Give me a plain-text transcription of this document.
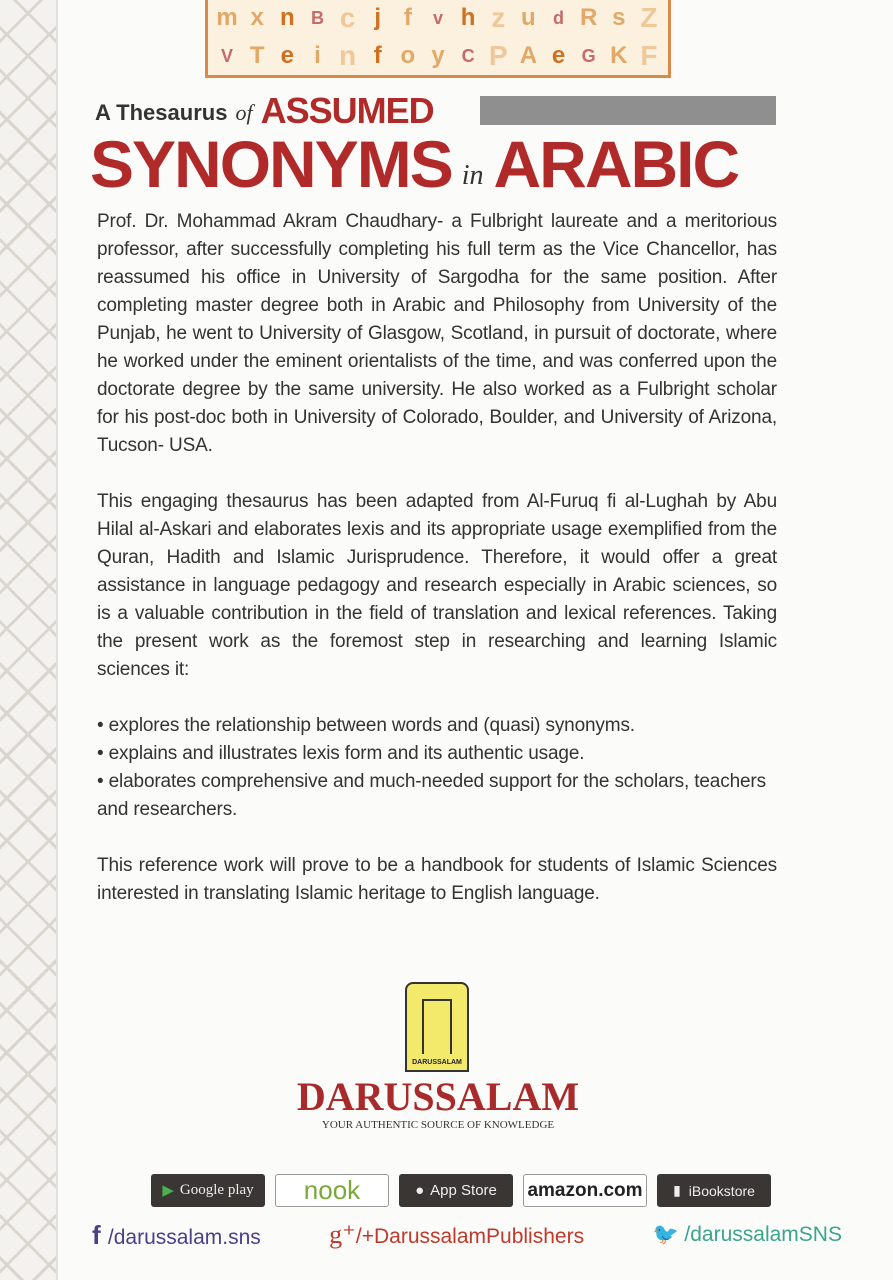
m x n B c j f v h z u d R s Z
V T e i n f o y C P A e G K F
A Thesaurus of ASSUMED
SYNONYMS in ARABIC

Prof. Dr. Mohammad Akram Chaudhary- a Fulbright laureate and a meritorious professor, after successfully completing his full term as the Vice Chancellor, has reassumed his office in University of Sargodha for the same position. After completing master degree both in Arabic and Philosophy from University of the Punjab, he went to University of Glasgow, Scotland, in pursuit of doctorate, where he worked under the eminent orientalists of the time, and was conferred upon the doctorate degree by the same university. He also worked as a Fulbright scholar for his post-doc both in University of Colorado, Boulder, and University of Arizona, Tucson- USA.

This engaging thesaurus has been adapted from Al-Furuq fi al-Lughah by Abu Hilal al-Askari and elaborates lexis and its appropriate usage exemplified from the Quran, Hadith and Islamic Jurisprudence. Therefore, it would offer a great assistance in language pedagogy and research especially in Arabic sciences, so is a valuable contribution in the field of translation and lexical references. Taking the present work as the foremost step in researching and learning Islamic sciences it:

• explores the relationship between words and (quasi) synonyms.

• explains and illustrates lexis form and its authentic usage.

• elaborates comprehensive and much-needed support for the scholars, teachers and researchers.

This reference work will prove to be a handbook for students of Islamic Sciences interested in translating Islamic heritage to English language.

DARUSSALAM
DARUSSALAM
YOUR AUTHENTIC SOURCE OF KNOWLEDGE
▶ Google play nook	● App Store amazon.com ▮ iBookstore
f /darussalam.sns	g⁺/+DarussalamPublishers	🐦 /darussalamSNS
